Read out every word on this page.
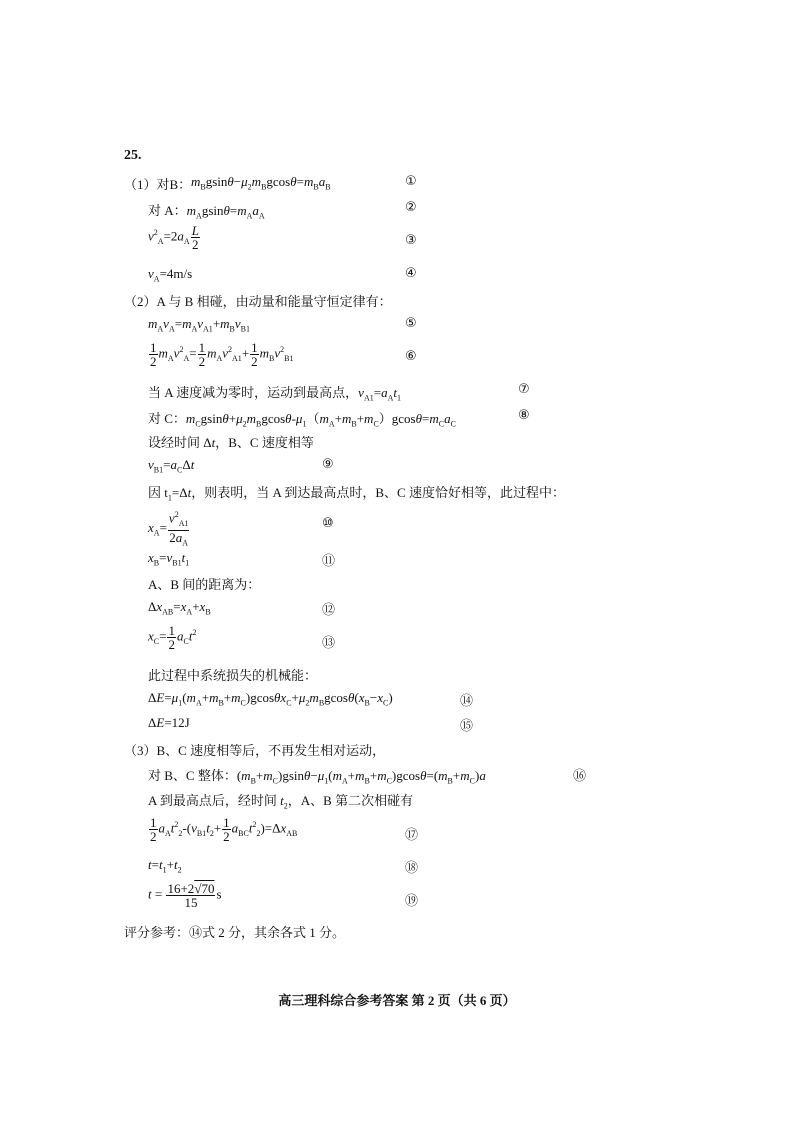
25.
（1）对B： $m_Bgsin\theta-\mu_2m_Bgcos\theta=m_Ba_B$	①
对 A：$m_Agsin\theta=m_Aa_A$
②
$v^2_A=2a_A \frac{L}{2}$	③
$v_A=4m/s$	④
（2）A 与 B 相碰，由动量和能量守恒定律有：
$m_Av_A=m_Av_{A1}+m_Bv_{B1}$	⑤
$\frac{1}{2} m_Av^2_A= \frac{1}{2} m_Av^2_{A1}+ \frac{1}{2} m_Bv^2_{B1}$	⑥
当 A 速度减为零时，运动到最高点，$v_{A1}=a_At_1$
⑦
对 C：$m_Cgsin\theta+\mu_2m_Bgcos\theta-\mu_1(m_A+m_B+m_C)gcos\theta=m_Ca_C$
⑧
设经时间 Δt，B、C 速度相等
$v_{B1}=a_C\Delta t$	⑨
因 $t_1=\Delta t$，则表明，当 A 到达最高点时，B、C 速度恰好相等，此过程中：
$x_A= \frac{v^2_{A1}}{2a_A}$	⑩
$x_B=v_{B1}t_1$	⑪
A、B 间的距离为：
$\Delta x_{AB}=x_A+x_B$	⑫
$x_C= \frac{1}{2} a_Ct^2$
⑬
此过程中系统损失的机械能：
$\Delta E=\mu_1(m_A+m_B+m_C)gcos\theta x_C+\mu_2m_Bgcos\theta(x_B-x_C)$	⑭
ΔE=12J	⑮
（3）B、C 速度相等后，不再发生相对运动，
对 B、C 整体：$(m_B+m_C)gsin\theta-\mu_1(m_A+m_B+m_C)gcos\theta=(m_B+m_C)a$	⑯
A 到最高点后，经时间 $t_2$，A、B 第二次相碰有
$\frac{1}{2} a_At^2_2-(v_{B1}t_2+ \frac{1}{2} a_{BC}t^2_2)=\Delta x_{AB}$	⑰
$t=t_1+t_2$	⑱
$t = \frac{16+2√70}{15}$ s
⑲
评分参考：⑭式 2 分，其余各式 1 分。
高三理科综合参考答案 第 2 页（共 6 页）
